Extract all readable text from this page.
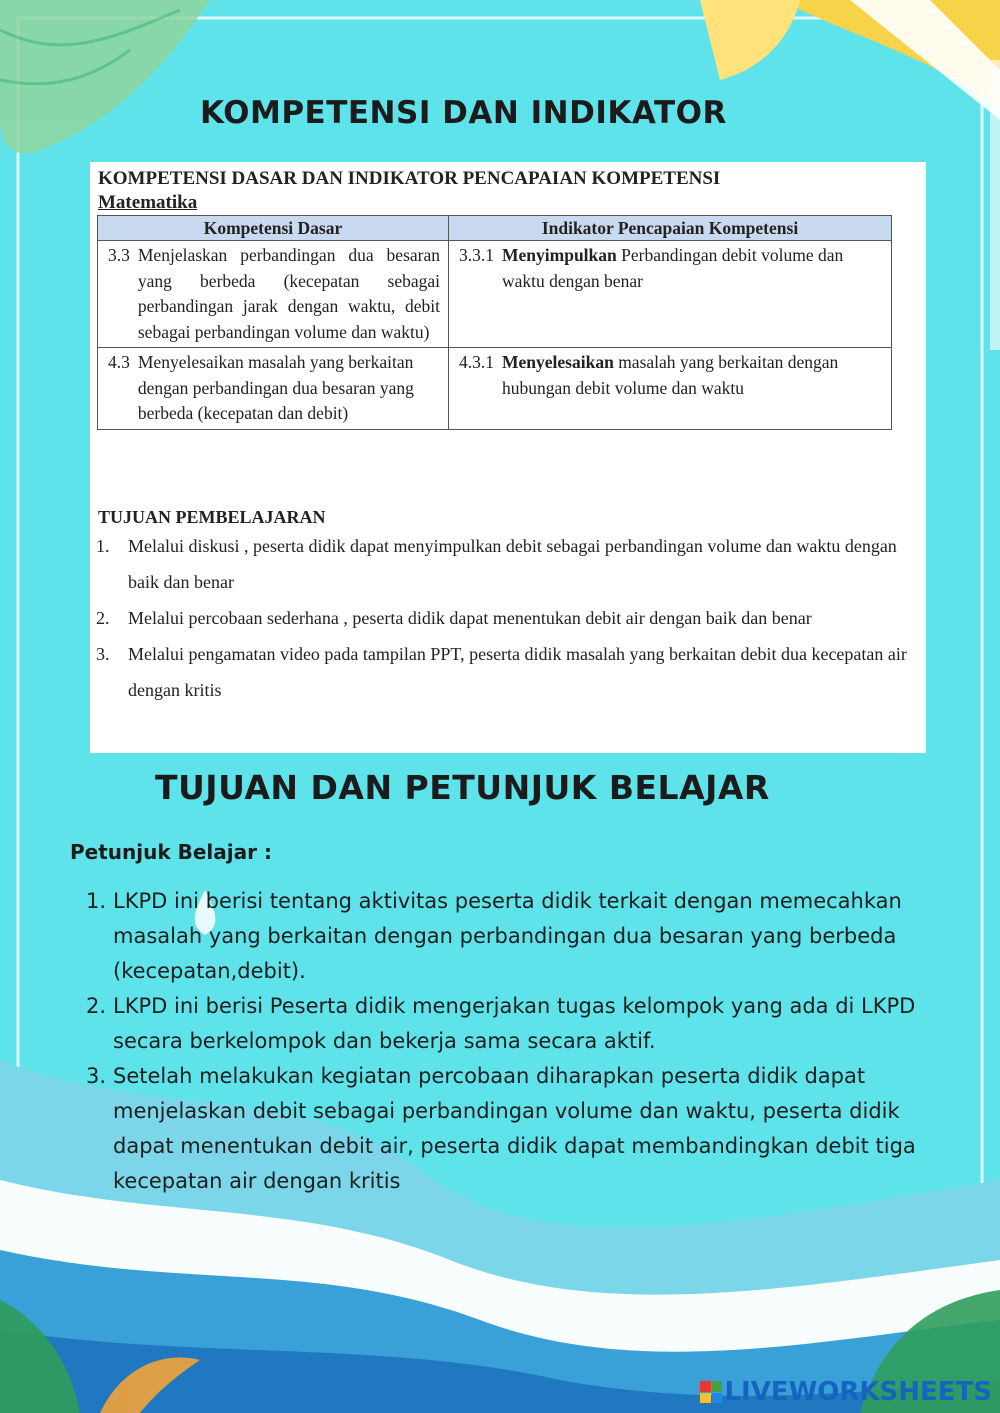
KOMPETENSI DAN INDIKATOR
KOMPETENSI DASAR DAN INDIKATOR PENCAPAIAN KOMPETENSI
Matematika
Kompetensi Dasar	Indikator Pencapaian Kompetensi

3.3 Menjelaskan perbandingan dua besaran yang berbeda (kecepatan sebagai perbandingan jarak dengan waktu, debit sebagai perbandingan volume dan waktu)	3.3.1 Menyimpulkan Perbandingan debit volume dan waktu dengan benar

4.3 Menyelesaikan masalah yang berkaitan dengan perbandingan dua besaran yang berbeda (kecepatan dan debit)	4.3.1 Menyelesaikan masalah yang berkaitan dengan hubungan debit volume dan waktu
TUJUAN PEMBELAJARAN
1.	Melalui diskusi , peserta didik dapat menyimpulkan debit sebagai perbandingan volume dan waktu dengan baik dan benar
2.	Melalui percobaan sederhana , peserta didik dapat menentukan debit air dengan baik dan benar
3.	Melalui pengamatan video pada tampilan PPT, peserta didik masalah yang berkaitan debit dua kecepatan air dengan kritis
TUJUAN DAN PETUNJUK BELAJAR
Petunjuk Belajar :
1. LKPD ini berisi tentang aktivitas peserta didik terkait dengan memecahkan masalah yang berkaitan dengan perbandingan dua besaran yang berbeda (kecepatan,debit).
2. LKPD ini berisi Peserta didik mengerjakan tugas kelompok yang ada di LKPD secara berkelompok dan bekerja sama secara aktif.
3. Setelah melakukan kegiatan percobaan diharapkan peserta didik dapat menjelaskan debit sebagai perbandingan volume dan waktu, peserta didik dapat menentukan debit air, peserta didik dapat membandingkan debit tiga kecepatan air dengan kritis
LIVEWORKSHEETS
